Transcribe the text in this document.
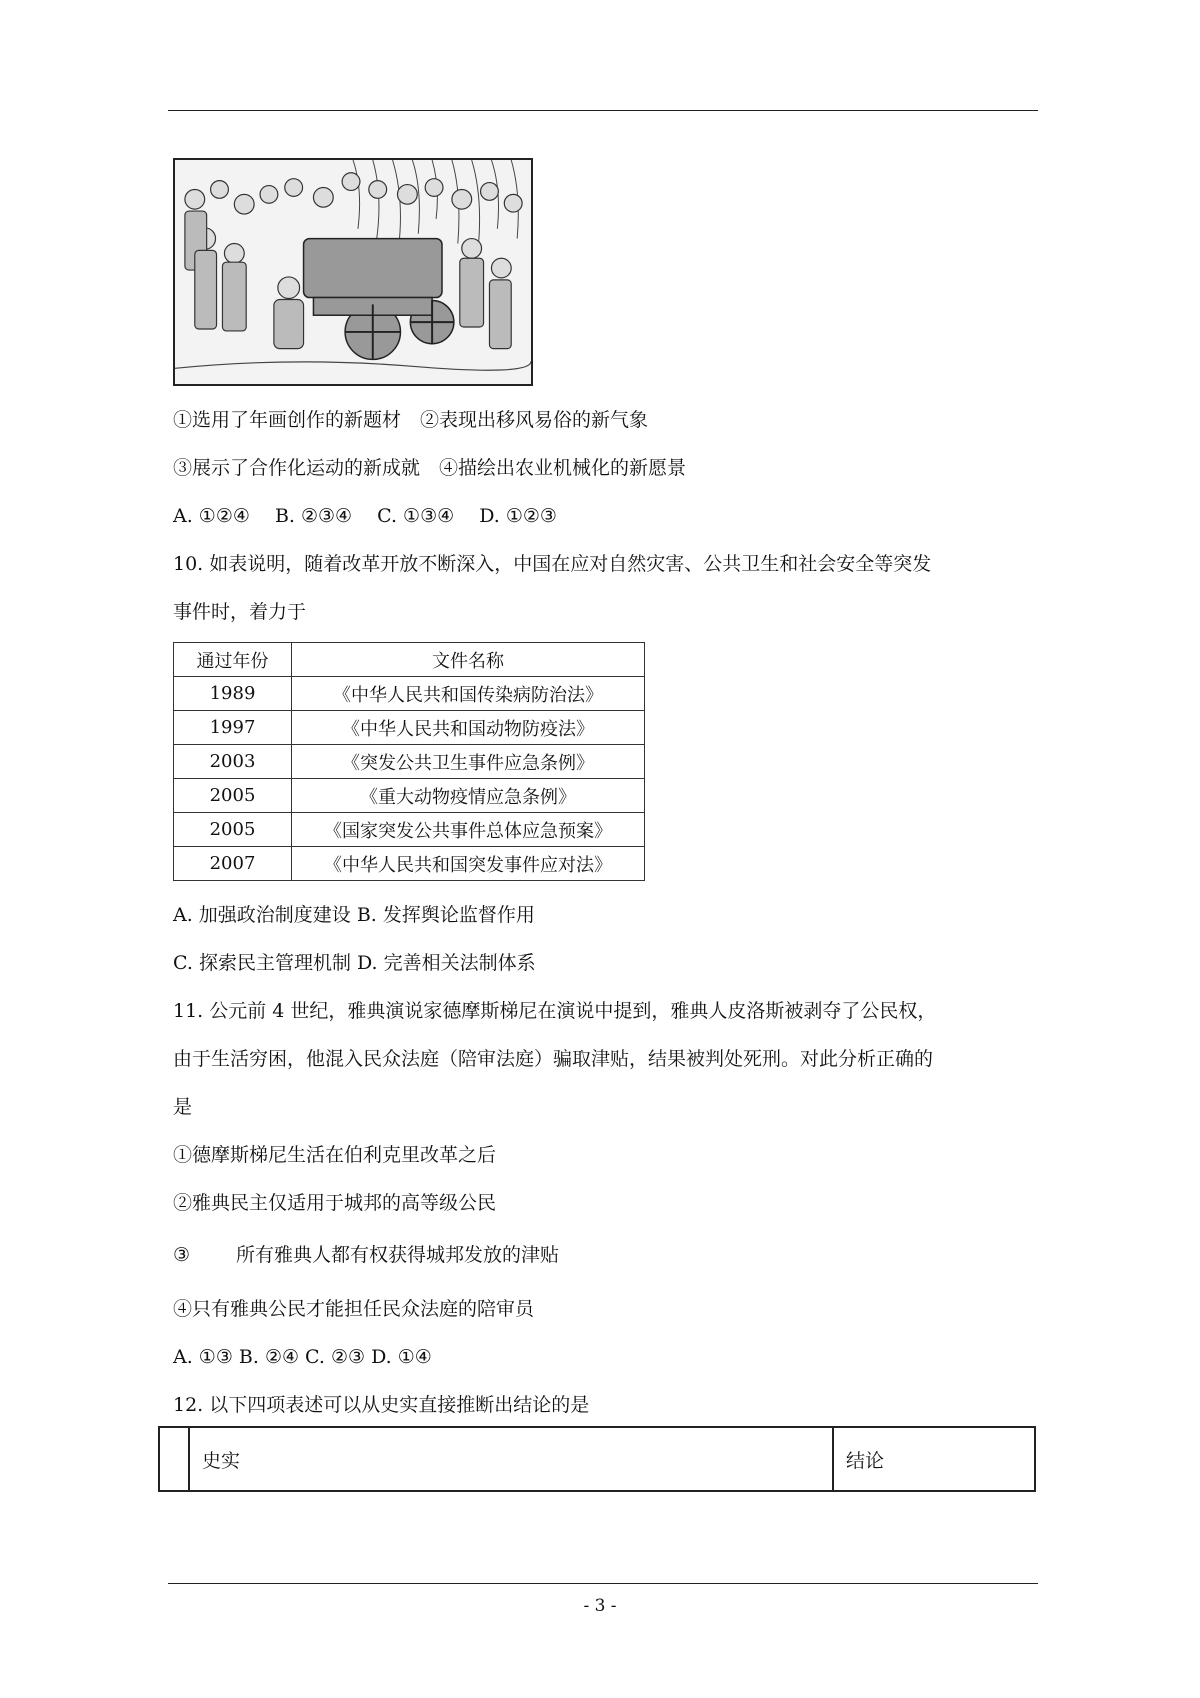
①选用了年画创作的新题材　②表现出移风易俗的新气象
③展示了合作化运动的新成就　④描绘出农业机械化的新愿景
A. ①②④　 B. ②③④　 C. ①③④　 D. ①②③
10. 如表说明，随着改革开放不断深入，中国在应对自然灾害、公共卫生和社会安全等突发
事件时，着力于
通过年份	文件名称
1989	《中华人民共和国传染病防治法》
1997	《中华人民共和国动物防疫法》
2003	《突发公共卫生事件应急条例》
2005	《重大动物疫情应急条例》
2005	《国家突发公共事件总体应急预案》
2007	《中华人民共和国突发事件应对法》
A. 加强政治制度建设 B. 发挥舆论监督作用
C. 探索民主管理机制 D. 完善相关法制体系
11. 公元前 4 世纪，雅典演说家德摩斯梯尼在演说中提到，雅典人皮洛斯被剥夺了公民权，
由于生活穷困，他混入民众法庭（陪审法庭）骗取津贴，结果被判处死刑。对此分析正确的
是
①德摩斯梯尼生活在伯利克里改革之后
②雅典民主仅适用于城邦的高等级公民
③ 所有雅典人都有权获得城邦发放的津贴
④只有雅典公民才能担任民众法庭的陪审员
A. ①③ B. ②④ C. ②③ D. ①④
12. 以下四项表述可以从史实直接推断出结论的是
	史实	结论
- 3 -
